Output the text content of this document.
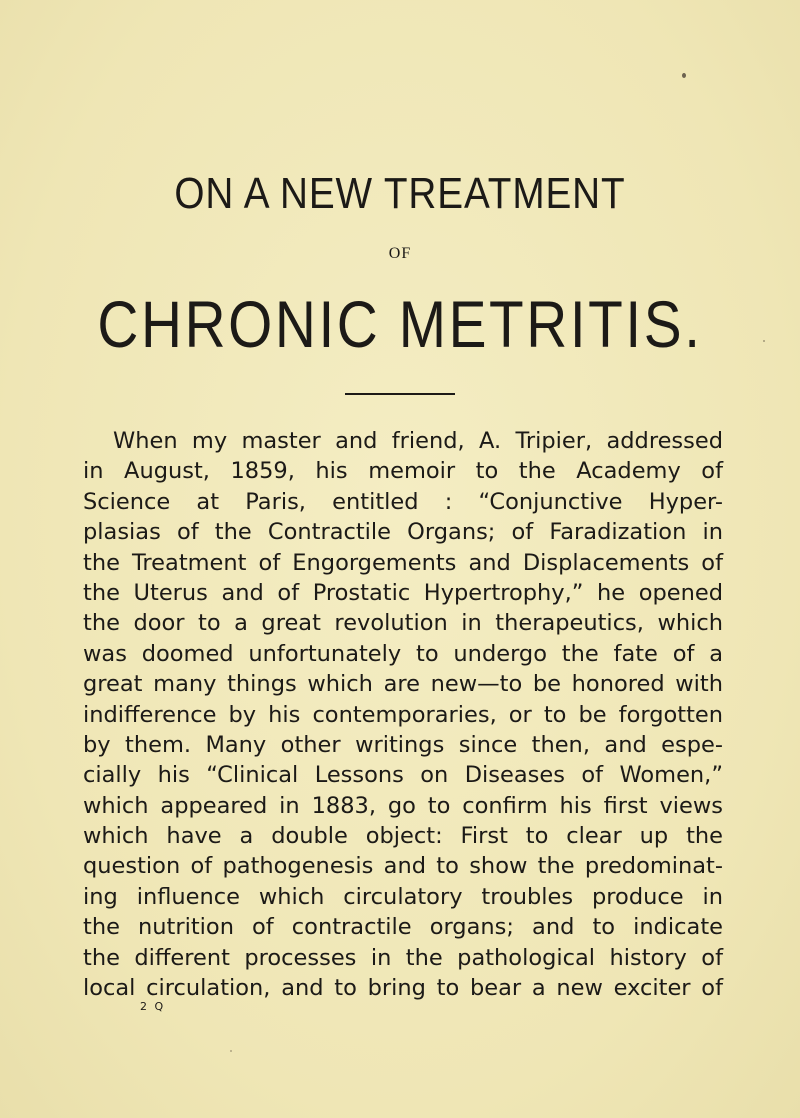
ON A NEW TREATMENT
OF
CHRONIC METRITIS.
When my master and friend, A. Tripier, addressed
in August, 1859, his memoir to the Academy of
Science at Paris, entitled : “Conjunctive Hyper-
plasias of the Contractile Organs; of Faradization in
the Treatment of Engorgements and Displacements of
the Uterus and of Prostatic Hypertrophy,” he opened
the door to a great revolution in therapeutics, which
was doomed unfortunately to undergo the fate of a
great many things which are new—to be honored with
indifference by his contemporaries, or to be forgotten
by them. Many other writings since then, and espe-
cially his “Clinical Lessons on Diseases of Women,”
which appeared in 1883, go to confirm his first views
which have a double object: First to clear up the
question of pathogenesis and to show the predominat-
ing influence which circulatory troubles produce in
the nutrition of contractile organs; and to indicate
the different processes in the pathological history of
local circulation, and to bring to bear a new exciter of
2 Q
